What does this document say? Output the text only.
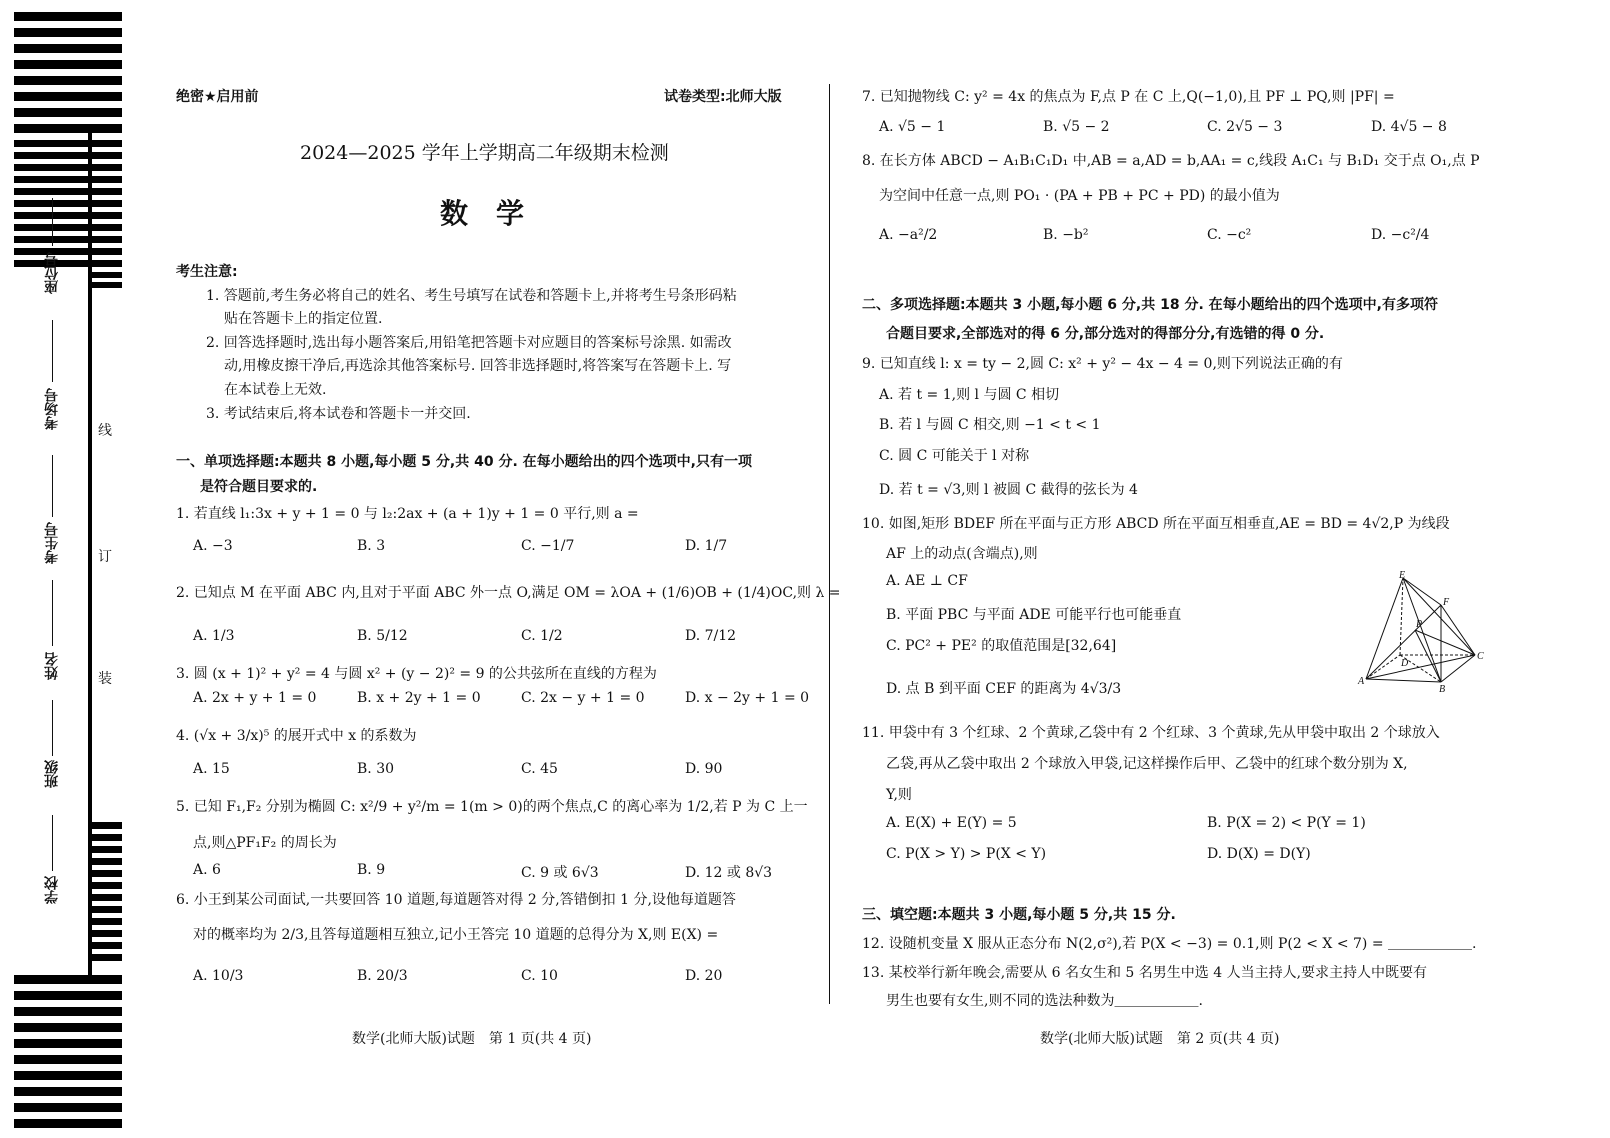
座位号
考场号
考生号
姓名
班级
学校
线
订
装
绝密★启用前	试卷类型:北师大版
2024—2025 学年上学期高二年级期末检测
数　学
考生注意:
1. 答题前,考生务必将自己的姓名、考生号填写在试卷和答题卡上,并将考生号条形码粘
贴在答题卡上的指定位置.
2. 回答选择题时,选出每小题答案后,用铅笔把答题卡对应题目的答案标号涂黑. 如需改
动,用橡皮擦干净后,再选涂其他答案标号. 回答非选择题时,将答案写在答题卡上. 写
在本试卷上无效.
3. 考试结束后,将本试卷和答题卡一并交回.
一、单项选择题:本题共 8 小题,每小题 5 分,共 40 分. 在每小题给出的四个选项中,只有一项
是符合题目要求的.
1. 若直线 l₁:3x + y + 1 = 0 与 l₂:2ax + (a + 1)y + 1 = 0 平行,则 a =
A. −3	B. 3	C. −1/7	D. 1/7
2. 已知点 M 在平面 ABC 内,且对于平面 ABC 外一点 O,满足 OM = λOA + (1/6)OB + (1/4)OC,则 λ =
A. 1/3	B. 5/12	C. 1/2	D. 7/12
3. 圆 (x + 1)² + y² = 4 与圆 x² + (y − 2)² = 9 的公共弦所在直线的方程为
A. 2x + y + 1 = 0	B. x + 2y + 1 = 0	C. 2x − y + 1 = 0	D. x − 2y + 1 = 0
4. (√x + 3/x)⁵ 的展开式中 x 的系数为
A. 15	B. 30	C. 45	D. 90
5. 已知 F₁,F₂ 分别为椭圆 C: x²/9 + y²/m = 1(m > 0)的两个焦点,C 的离心率为 1/2,若 P 为 C 上一
点,则△PF₁F₂ 的周长为
A. 6	B. 9	C. 9 或 6√3	D. 12 或 8√3
6. 小王到某公司面试,一共要回答 10 道题,每道题答对得 2 分,答错倒扣 1 分,设他每道题答
对的概率均为 2/3,且答每道题相互独立,记小王答完 10 道题的总得分为 X,则 E(X) =
A. 10/3	B. 20/3	C. 10	D. 20
数学(北师大版)试题　第 1 页(共 4 页)
7. 已知抛物线 C: y² = 4x 的焦点为 F,点 P 在 C 上,Q(−1,0),且 PF ⊥ PQ,则 |PF| =
A. √5 − 1	B. √5 − 2	C. 2√5 − 3	D. 4√5 − 8
8. 在长方体 ABCD − A₁B₁C₁D₁ 中,AB = a,AD = b,AA₁ = c,线段 A₁C₁ 与 B₁D₁ 交于点 O₁,点 P
为空间中任意一点,则 PO₁ · (PA + PB + PC + PD) 的最小值为
A. −a²/2	B. −b²	C. −c²	D. −c²/4
二、多项选择题:本题共 3 小题,每小题 6 分,共 18 分. 在每小题给出的四个选项中,有多项符
合题目要求,全部选对的得 6 分,部分选对的得部分分,有选错的得 0 分.
9. 已知直线 l: x = ty − 2,圆 C: x² + y² − 4x − 4 = 0,则下列说法正确的有
A. 若 t = 1,则 l 与圆 C 相切
B. 若 l 与圆 C 相交,则 −1 < t < 1
C. 圆 C 可能关于 l 对称
D. 若 t = √3,则 l 被圆 C 截得的弦长为 4
10. 如图,矩形 BDEF 所在平面与正方形 ABCD 所在平面互相垂直,AE = BD = 4√2,P 为线段
AF 上的动点(含端点),则
A. AE ⊥ CF
B. 平面 PBC 与平面 ADE 可能平行也可能垂直
C. PC² + PE² 的取值范围是[32,64]
D. 点 B 到平面 CEF 的距离为 4√3/3
E
F
P
D
C
A
B
11. 甲袋中有 3 个红球、2 个黄球,乙袋中有 2 个红球、3 个黄球,先从甲袋中取出 2 个球放入
乙袋,再从乙袋中取出 2 个球放入甲袋,记这样操作后甲、乙袋中的红球个数分别为 X,
Y,则
A. E(X) + E(Y) = 5	B. P(X = 2) < P(Y = 1)
C. P(X > Y) > P(X < Y)	D. D(X) = D(Y)
三、填空题:本题共 3 小题,每小题 5 分,共 15 分.
12. 设随机变量 X 服从正态分布 N(2,σ²),若 P(X < −3) = 0.1,则 P(2 < X < 7) = ＿＿＿＿＿＿.
13. 某校举行新年晚会,需要从 6 名女生和 5 名男生中选 4 人当主持人,要求主持人中既要有
男生也要有女生,则不同的选法种数为＿＿＿＿＿＿.
数学(北师大版)试题　第 2 页(共 4 页)
